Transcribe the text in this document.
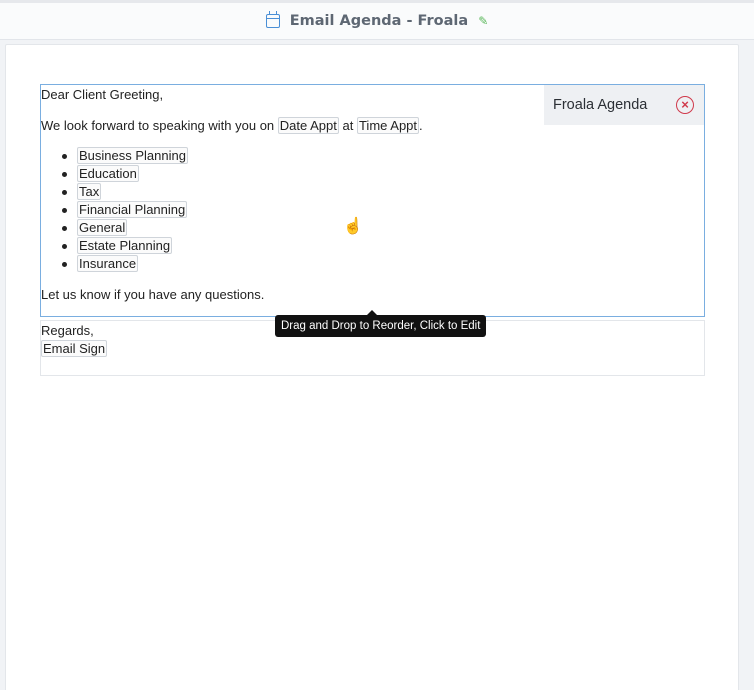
Email Agenda - Froala ✎
Dear Client Greeting,
We look forward to speaking with you on Date Appt at Time Appt .
Business Planning
Education
Tax
Financial Planning
General
Estate Planning
Insurance
Let us know if you have any questions.
Froala Agenda	×
Regards,
Email Sign
Drag and Drop to Reorder, Click to Edit
☝
